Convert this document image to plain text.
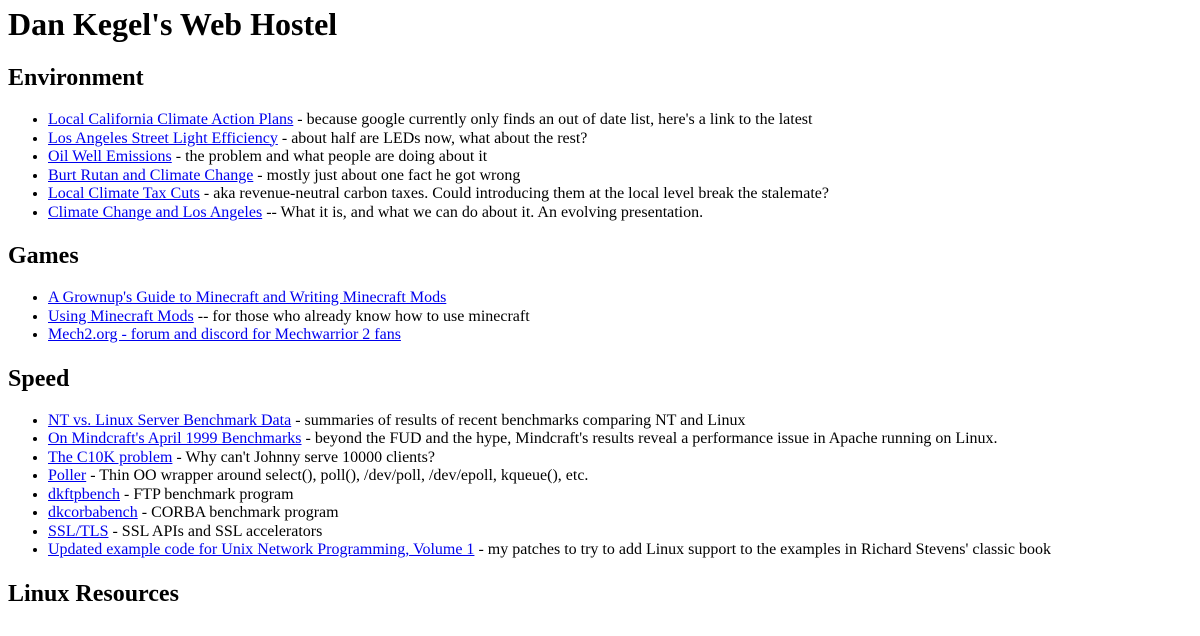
Dan Kegel's Web Hostel
Environment
• Local California Climate Action Plans - because google currently only finds an out of date list, here's a link to the latest
• Los Angeles Street Light Efficiency - about half are LEDs now, what about the rest?
• Oil Well Emissions - the problem and what people are doing about it
• Burt Rutan and Climate Change - mostly just about one fact he got wrong
• Local Climate Tax Cuts - aka revenue-neutral carbon taxes. Could introducing them at the local level break the stalemate?
• Climate Change and Los Angeles -- What it is, and what we can do about it. An evolving presentation.
Games
• A Grownup's Guide to Minecraft and Writing Minecraft Mods
• Using Minecraft Mods -- for those who already know how to use minecraft
• Mech2.org - forum and discord for Mechwarrior 2 fans
Speed
• NT vs. Linux Server Benchmark Data - summaries of results of recent benchmarks comparing NT and Linux
• On Mindcraft's April 1999 Benchmarks - beyond the FUD and the hype, Mindcraft's results reveal a performance issue in Apache running on Linux.
• The C10K problem - Why can't Johnny serve 10000 clients?
• Poller - Thin OO wrapper around select(), poll(), /dev/poll, /dev/epoll, kqueue(), etc.
• dkftpbench - FTP benchmark program
• dkcorbabench - CORBA benchmark program
• SSL/TLS - SSL APIs and SSL accelerators
• Updated example code for Unix Network Programming, Volume 1 - my patches to try to add Linux support to the examples in Richard Stevens' classic book
Linux Resources
